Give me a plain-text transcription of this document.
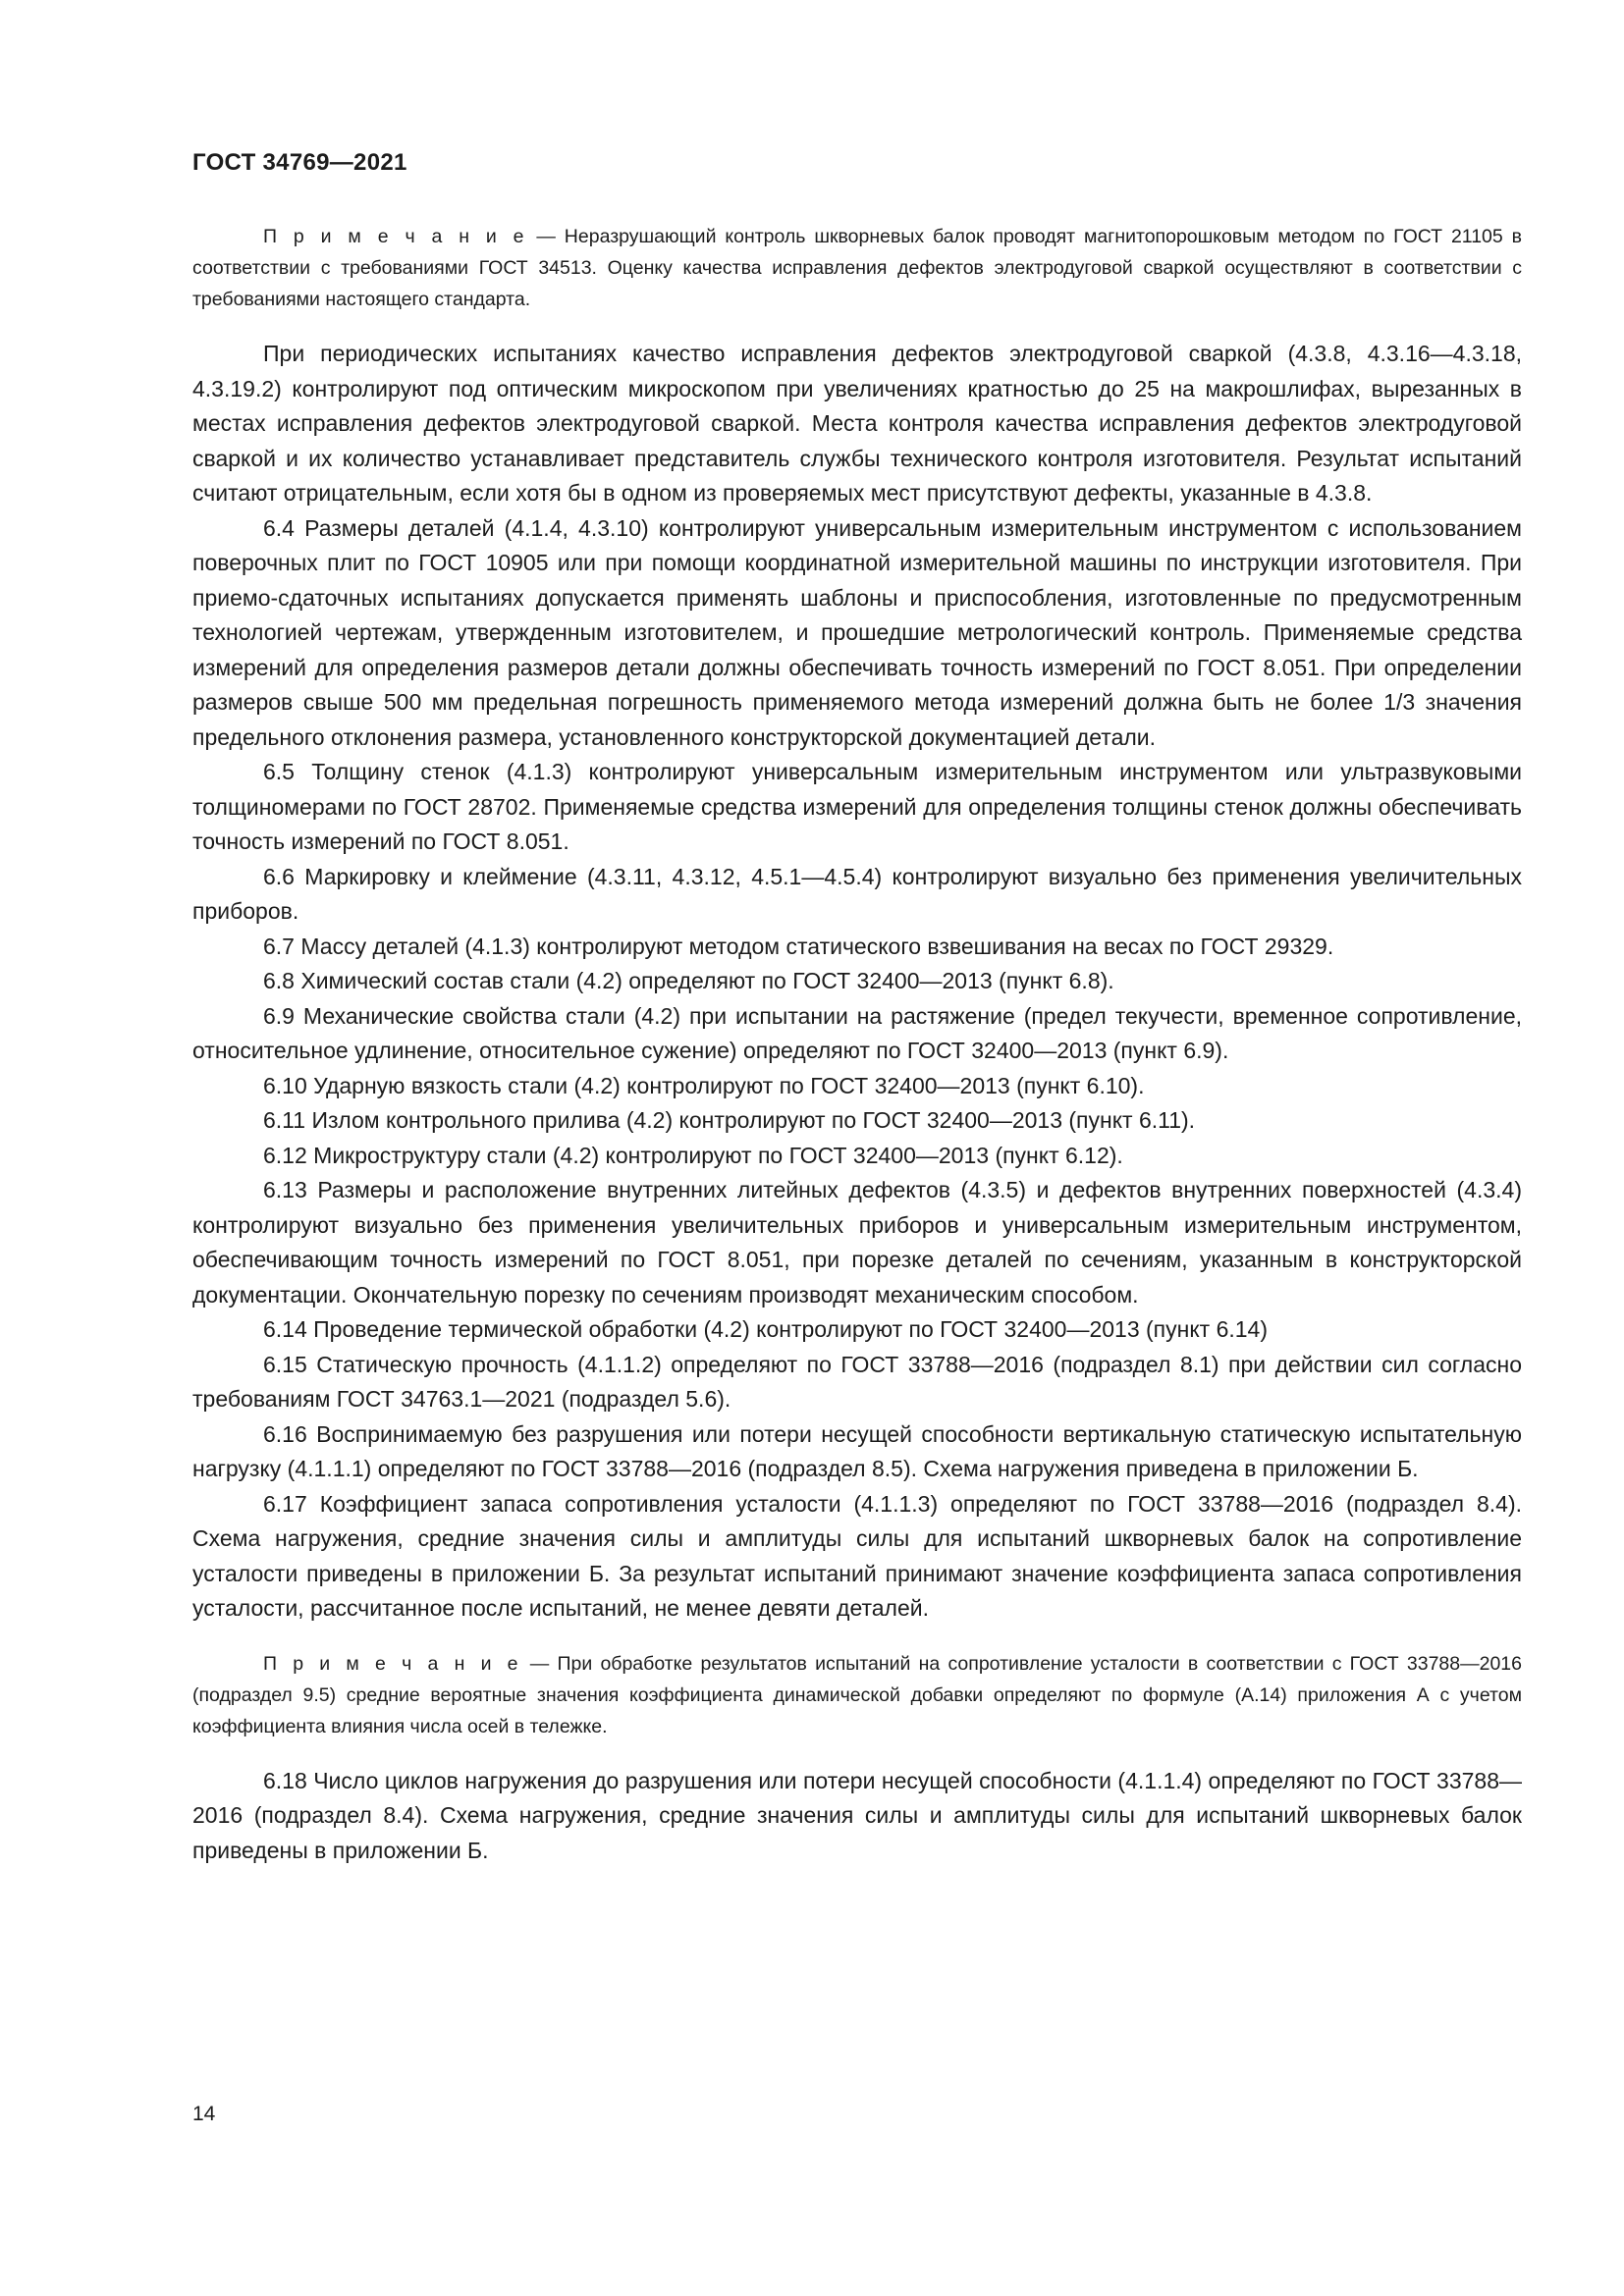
ГОСТ 34769—2021

П р и м е ч а н и е — Неразрушающий контроль шкворневых балок проводят магнитопорошковым методом по ГОСТ 21105 в соответствии с требованиями ГОСТ 34513. Оценку качества исправления дефектов электродуговой сваркой осуществляют в соответствии с требованиями настоящего стандарта.

При периодических испытаниях качество исправления дефектов электродуговой сваркой (4.3.8, 4.3.16—4.3.18, 4.3.19.2) контролируют под оптическим микроскопом при увеличениях кратностью до 25 на макрошлифах, вырезанных в местах исправления дефектов электродуговой сваркой. Места контроля качества исправления дефектов электродуговой сваркой и их количество устанавливает представитель службы технического контроля изготовителя. Результат испытаний считают отрицательным, если хотя бы в одном из проверяемых мест присутствуют дефекты, указанные в 4.3.8.

6.4 Размеры деталей (4.1.4, 4.3.10) контролируют универсальным измерительным инструментом с использованием поверочных плит по ГОСТ 10905 или при помощи координатной измерительной машины по инструкции изготовителя. При приемо-сдаточных испытаниях допускается применять шаблоны и приспособления, изготовленные по предусмотренным технологией чертежам, утвержденным изготовителем, и прошедшие метрологический контроль. Применяемые средства измерений для определения размеров детали должны обеспечивать точность измерений по ГОСТ 8.051. При определении размеров свыше 500 мм предельная погрешность применяемого метода измерений должна быть не более 1/3 значения предельного отклонения размера, установленного конструкторской документацией детали.

6.5 Толщину стенок (4.1.3) контролируют универсальным измерительным инструментом или ультразвуковыми толщиномерами по ГОСТ 28702. Применяемые средства измерений для определения толщины стенок должны обеспечивать точность измерений по ГОСТ 8.051.

6.6 Маркировку и клеймение (4.3.11, 4.3.12, 4.5.1—4.5.4) контролируют визуально без применения увеличительных приборов.

6.7 Массу деталей (4.1.3) контролируют методом статического взвешивания на весах по ГОСТ 29329.

6.8 Химический состав стали (4.2) определяют по ГОСТ 32400—2013 (пункт 6.8).

6.9 Механические свойства стали (4.2) при испытании на растяжение (предел текучести, временное сопротивление, относительное удлинение, относительное сужение) определяют по ГОСТ 32400—2013 (пункт 6.9).

6.10 Ударную вязкость стали (4.2) контролируют по ГОСТ 32400—2013 (пункт 6.10).

6.11 Излом контрольного прилива (4.2) контролируют по ГОСТ 32400—2013 (пункт 6.11).

6.12 Микроструктуру стали (4.2) контролируют по ГОСТ 32400—2013 (пункт 6.12).

6.13 Размеры и расположение внутренних литейных дефектов (4.3.5) и дефектов внутренних поверхностей (4.3.4) контролируют визуально без применения увеличительных приборов и универсальным измерительным инструментом, обеспечивающим точность измерений по ГОСТ 8.051, при порезке деталей по сечениям, указанным в конструкторской документации. Окончательную порезку по сечениям производят механическим способом.

6.14 Проведение термической обработки (4.2) контролируют по ГОСТ 32400—2013 (пункт 6.14)

6.15 Статическую прочность (4.1.1.2) определяют по ГОСТ 33788—2016 (подраздел 8.1) при действии сил согласно требованиям ГОСТ 34763.1—2021 (подраздел 5.6).

6.16 Воспринимаемую без разрушения или потери несущей способности вертикальную статическую испытательную нагрузку (4.1.1.1) определяют по ГОСТ 33788—2016 (подраздел 8.5). Схема нагружения приведена в приложении Б.

6.17 Коэффициент запаса сопротивления усталости (4.1.1.3) определяют по ГОСТ 33788—2016 (подраздел 8.4). Схема нагружения, средние значения силы и амплитуды силы для испытаний шкворневых балок на сопротивление усталости приведены в приложении Б. За результат испытаний принимают значение коэффициента запаса сопротивления усталости, рассчитанное после испытаний, не менее девяти деталей.

П р и м е ч а н и е — При обработке результатов испытаний на сопротивление усталости в соответствии с ГОСТ 33788—2016 (подраздел 9.5) средние вероятные значения коэффициента динамической добавки определяют по формуле (А.14) приложения А с учетом коэффициента влияния числа осей в тележке.

6.18 Число циклов нагружения до разрушения или потери несущей способности (4.1.1.4) определяют по ГОСТ 33788—2016 (подраздел 8.4). Схема нагружения, средние значения силы и амплитуды силы для испытаний шкворневых балок приведены в приложении Б.

14
